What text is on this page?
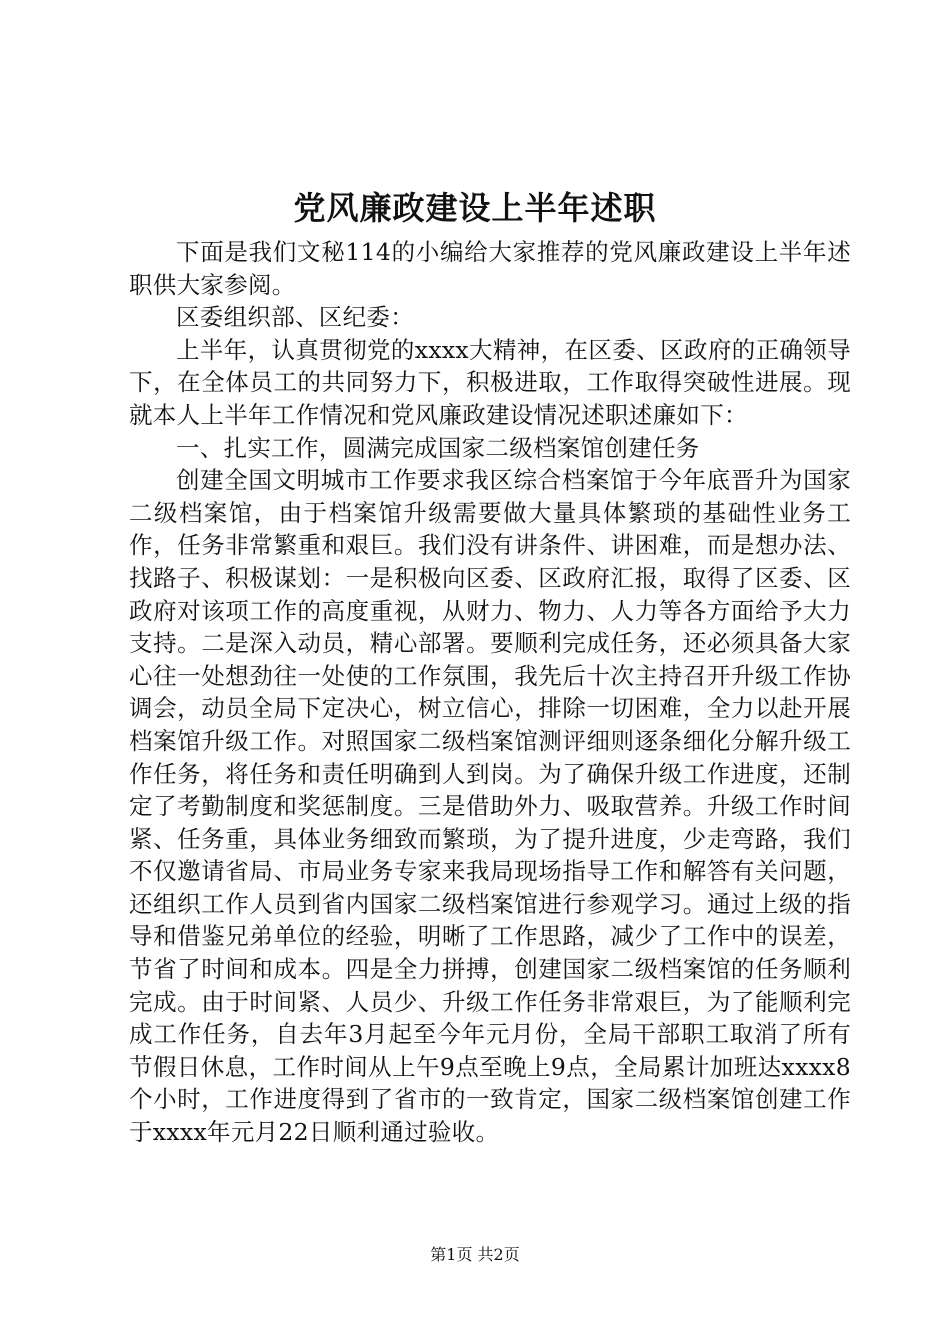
党风廉政建设上半年述职

下面是我们文秘114的小编给大家推荐的党风廉政建设上半年述职供大家参阅。

区委组织部、区纪委：

上半年，认真贯彻党的xxxx大精神，在区委、区政府的正确领导下，在全体员工的共同努力下，积极进取，工作取得突破性进展。现就本人上半年工作情况和党风廉政建设情况述职述廉如下：

一、扎实工作，圆满完成国家二级档案馆创建任务

创建全国文明城市工作要求我区综合档案馆于今年底晋升为国家二级档案馆，由于档案馆升级需要做大量具体繁琐的基础性业务工作，任务非常繁重和艰巨。我们没有讲条件、讲困难，而是想办法、找路子、积极谋划：一是积极向区委、区政府汇报，取得了区委、区政府对该项工作的高度重视，从财力、物力、人力等各方面给予大力支持。二是深入动员，精心部署。要顺利完成任务，还必须具备大家心往一处想劲往一处使的工作氛围，我先后十次主持召开升级工作协调会，动员全局下定决心，树立信心，排除一切困难，全力以赴开展档案馆升级工作。对照国家二级档案馆测评细则逐条细化分解升级工作任务，将任务和责任明确到人到岗。为了确保升级工作进度，还制定了考勤制度和奖惩制度。三是借助外力、吸取营养。升级工作时间紧、任务重，具体业务细致而繁琐，为了提升进度，少走弯路，我们不仅邀请省局、市局业务专家来我局现场指导工作和解答有关问题，还组织工作人员到省内国家二级档案馆进行参观学习。通过上级的指导和借鉴兄弟单位的经验，明晰了工作思路，减少了工作中的误差，节省了时间和成本。四是全力拼搏，创建国家二级档案馆的任务顺利完成。由于时间紧、人员少、升级工作任务非常艰巨，为了能顺利完成工作任务，自去年3月起至今年元月份，全局干部职工取消了所有节假日休息，工作时间从上午9点至晚上9点，全局累计加班达xxxx8个小时，工作进度得到了省市的一致肯定，国家二级档案馆创建工作于xxxx年元月22日顺利通过验收。

第1页 共2页
